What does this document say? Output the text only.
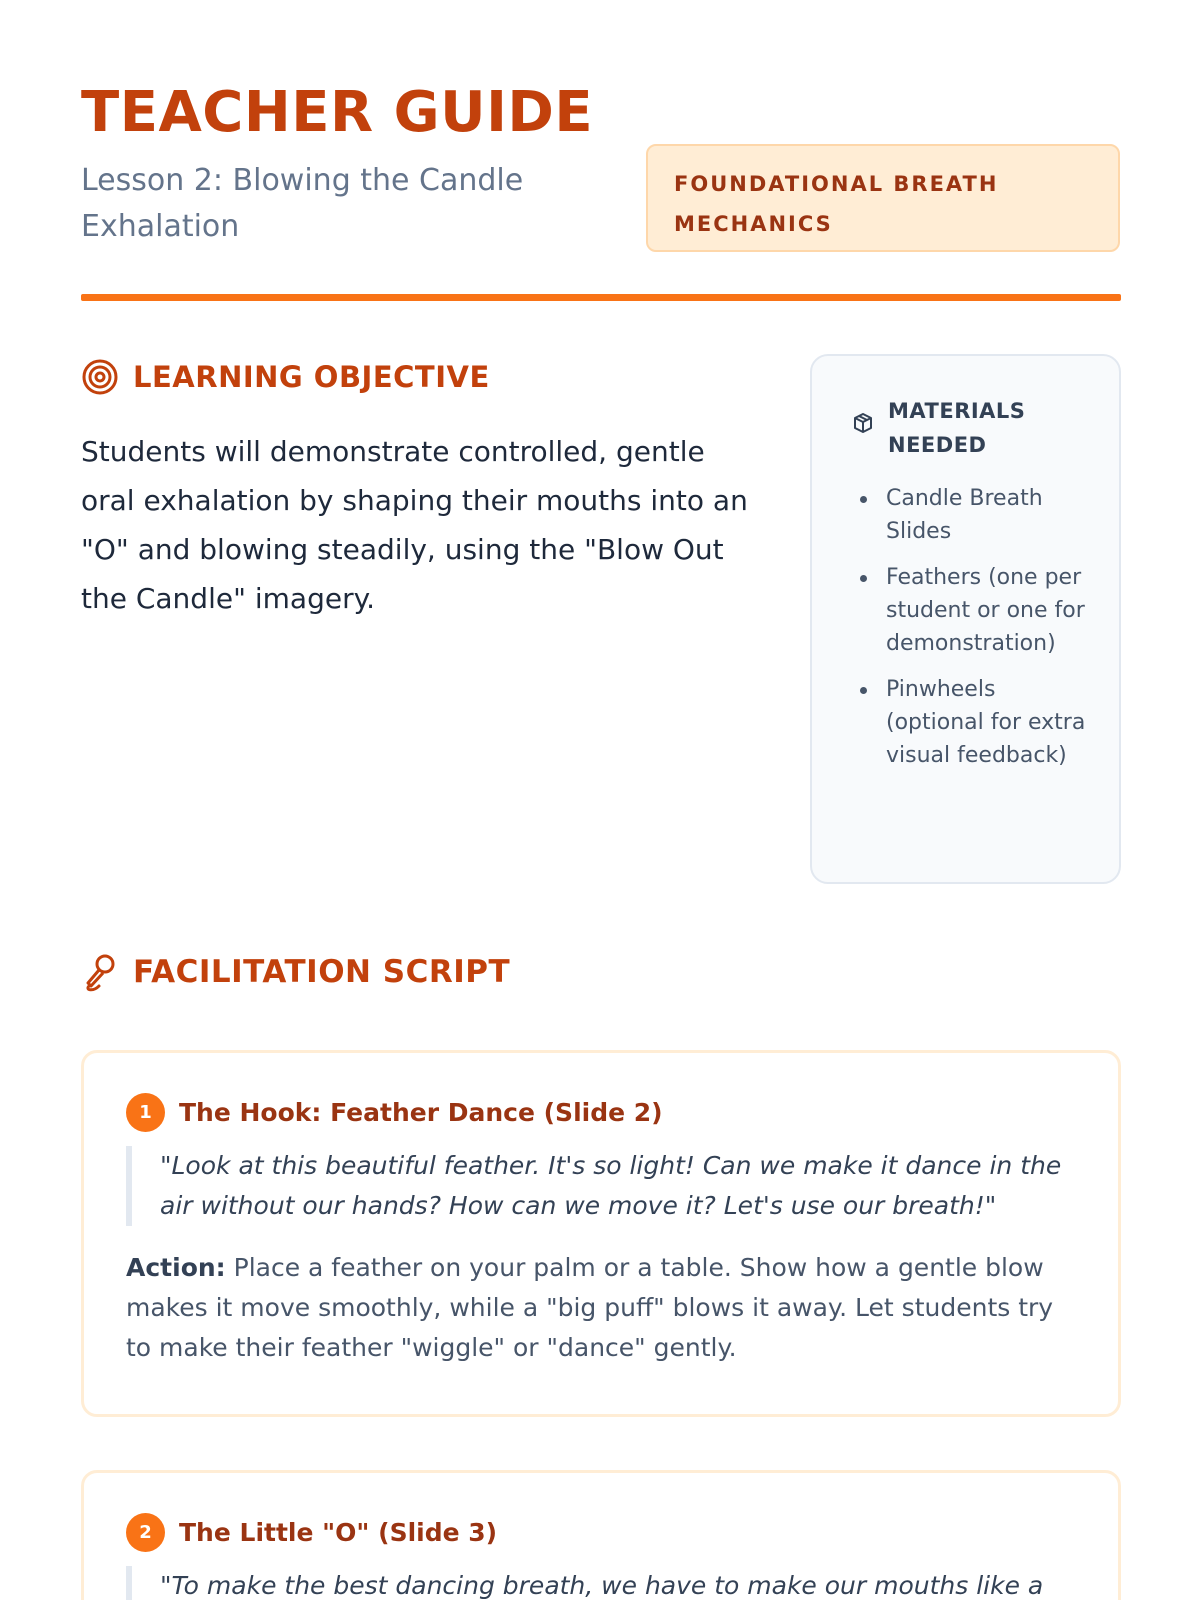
TEACHER GUIDE
Lesson 2: Blowing the Candle Exhalation
FOUNDATIONAL BREATH MECHANICS
LEARNING OBJECTIVE

Students will demonstrate controlled, gentle oral exhalation by shaping their mouths into an "O" and blowing steadily, using the "Blow Out the Candle" imagery.

MATERIALS NEEDED
Candle Breath Slides
Feathers (one per student or one for demonstration)
Pinwheels (optional for extra visual feedback)
FACILITATION SCRIPT
1	The Hook: Feather Dance (Slide 2)
"Look at this beautiful feather. It's so light! Can we make it dance in the air without our hands? How can we move it? Let's use our breath!"

Action: Place a feather on your palm or a table. Show how a gentle blow makes it move smoothly, while a "big puff" blows it away. Let students try to make their feather "wiggle" or "dance" gently.

2	The Little "O" (Slide 3)
"To make the best dancing breath, we have to make our mouths like a
